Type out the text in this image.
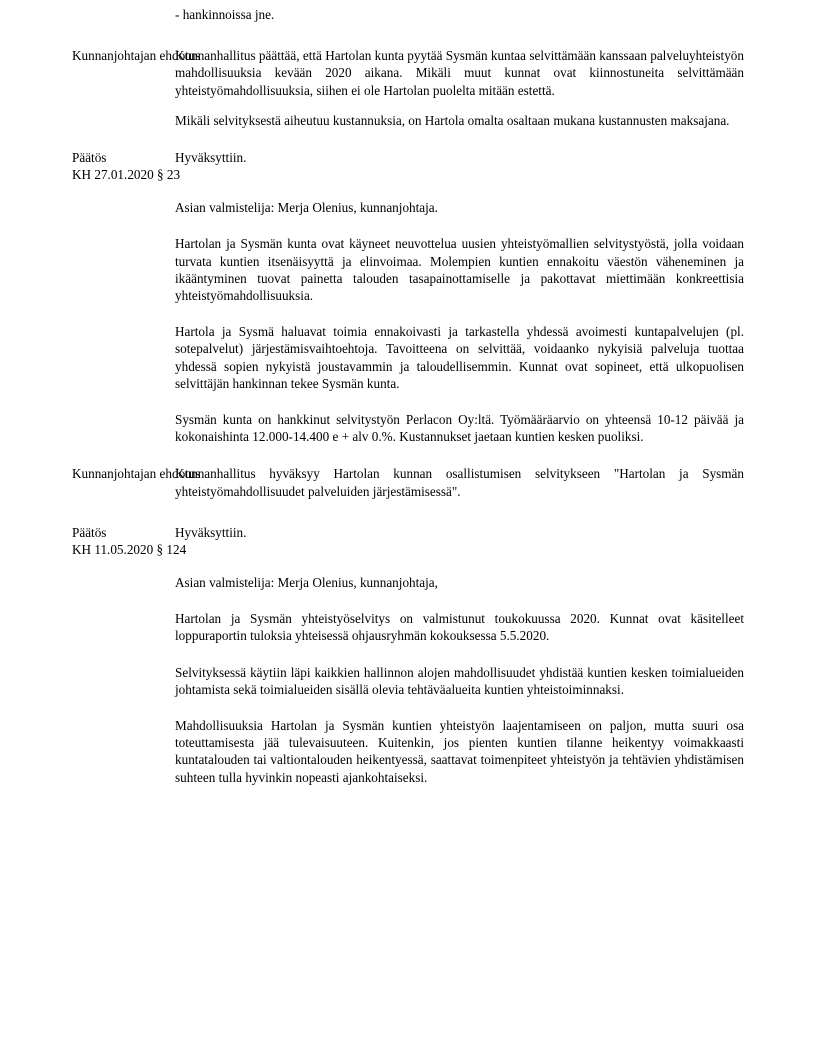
- hankinnoissa jne.

Kunnanjohtajan ehdotus

Kunnanhallitus päättää, että Hartolan kunta pyytää Sysmän kuntaa selvittämään kanssaan palveluyhteistyön mahdollisuuksia kevään 2020 aikana. Mikäli muut kunnat ovat kiinnostuneita selvittämään yhteistyömahdollisuuksia, siihen ei ole Hartolan puolelta mitään estettä.

Mikäli selvityksestä aiheutuu kustannuksia, on Hartola omalta osaltaan mukana kustannusten maksajana.

Päätös
KH 27.01.2020 § 23

Hyväksyttiin.

Asian valmistelija: Merja Olenius, kunnanjohtaja.

Hartolan ja Sysmän kunta ovat käyneet neuvottelua uusien yhteistyömallien selvitystyöstä, jolla voidaan turvata kuntien itsenäisyyttä ja elinvoimaa. Molempien kuntien ennakoitu väestön väheneminen ja ikääntyminen tuovat painetta talouden tasapainottamiselle ja pakottavat miettimään konkreettisia yhteistyömahdollisuuksia.

Hartola ja Sysmä haluavat toimia ennakoivasti ja tarkastella yhdessä avoimesti kuntapalvelujen (pl. sotepalvelut) järjestämisvaihtoehtoja. Tavoitteena on selvittää, voidaanko nykyisiä palveluja tuottaa yhdessä sopien nykyistä joustavammin ja taloudellisemmin. Kunnat ovat sopineet, että ulkopuolisen selvittäjän hankinnan tekee Sysmän kunta.

Sysmän kunta on hankkinut selvitystyön Perlacon Oy:ltä. Työmääräarvio on yhteensä 10-12 päivää ja kokonaishinta 12.000-14.400 e + alv 0.%. Kustannukset jaetaan kuntien kesken puoliksi.

Kunnanjohtajan ehdotus

Kunnanhallitus hyväksyy Hartolan kunnan osallistumisen selvitykseen "Hartolan ja Sysmän yhteistyömahdollisuudet palveluiden järjestämisessä".

Päätös
KH 11.05.2020 § 124

Hyväksyttiin.

Asian valmistelija: Merja Olenius, kunnanjohtaja,

Hartolan ja Sysmän yhteistyöselvitys on valmistunut toukokuussa 2020. Kunnat ovat käsitelleet loppuraportin tuloksia yhteisessä ohjausryhmän kokouksessa 5.5.2020.

Selvityksessä käytiin läpi kaikkien hallinnon alojen mahdollisuudet yhdistää kuntien kesken toimialueiden johtamista sekä toimialueiden sisällä olevia tehtäväalueita kuntien yhteistoiminnaksi.

Mahdollisuuksia Hartolan ja Sysmän kuntien yhteistyön laajentamiseen on paljon, mutta suuri osa toteuttamisesta jää tulevaisuuteen. Kuitenkin, jos pienten kuntien tilanne heikentyy voimakkaasti kuntatalouden tai valtiontalouden heikentyessä, saattavat toimenpiteet yhteistyön ja tehtävien yhdistämisen suhteen tulla hyvinkin nopeasti ajankohtaiseksi.
